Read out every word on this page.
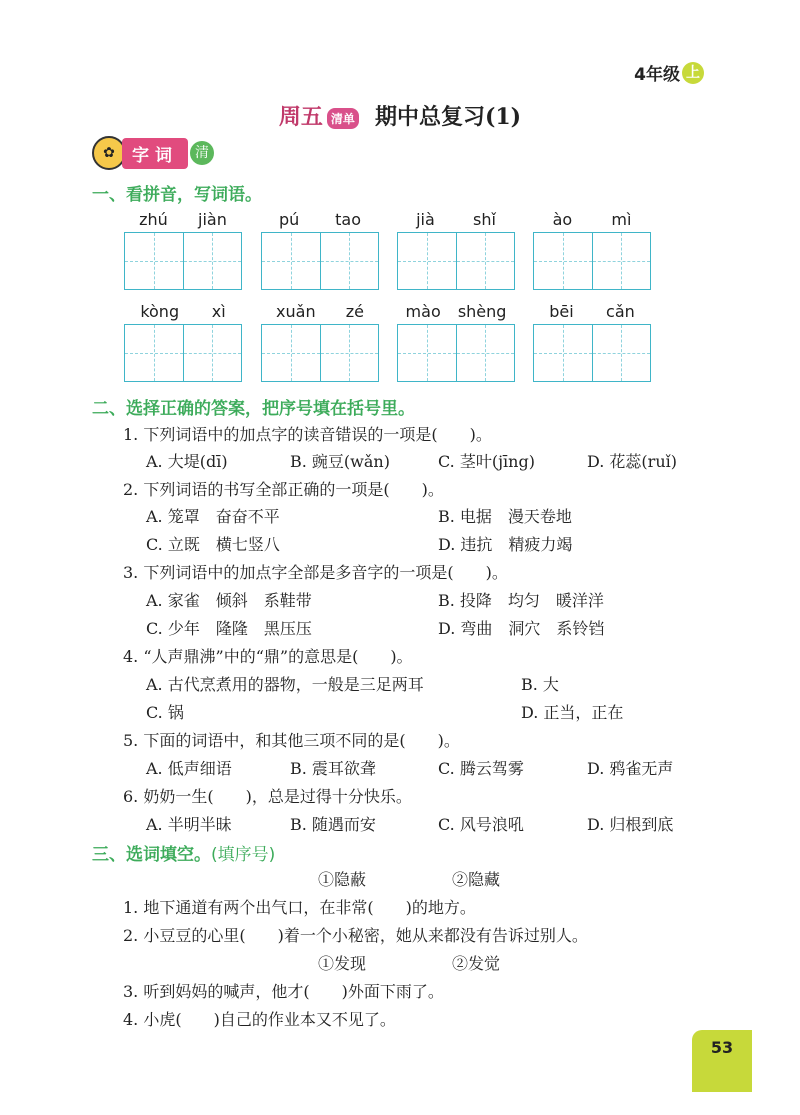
4年级 上
周五 清单 期中总复习(1)
✿	字词	清
一、看拼音，写词语。
zhú jiàn	pú tao	jià shǐ	ào mì
kòng xì	xuǎn zé	mào shèng	bēi cǎn
二、选择正确的答案，把序号填在括号里。
1. 下列词语中的加点字的读音错误的一项是(　　)。
A. 大堤(dī)	B. 豌豆(wǎn)	C. 茎叶(jīng)	D. 花蕊(ruǐ)
2. 下列词语的书写全部正确的一项是(　　)。
A. 笼罩　奋奋不平	B. 电据　漫天卷地
C. 立既　横七竖八	D. 违抗　精疲力竭
3. 下列词语中的加点字全部是多音字的一项是(　　)。
A. 家雀　倾斜　系鞋带	B. 投降　均匀　暖洋洋
C. 少年　隆隆　黑压压	D. 弯曲　洞穴　系铃铛
4. “人声鼎沸”中的“鼎”的意思是(　　)。
A. 古代烹煮用的器物，一般是三足两耳	B. 大
C. 锅	D. 正当，正在
5. 下面的词语中，和其他三项不同的是(　　)。
A. 低声细语	B. 震耳欲聋	C. 腾云驾雾	D. 鸦雀无声
6. 奶奶一生(　　)，总是过得十分快乐。
A. 半明半昧	B. 随遇而安	C. 风号浪吼	D. 归根到底
三、选词填空。(填序号)
①隐蔽	②隐藏
1. 地下通道有两个出气口，在非常(　　)的地方。
2. 小豆豆的心里(　　)着一个小秘密，她从来都没有告诉过别人。
①发现	②发觉
3. 听到妈妈的喊声，他才(　　)外面下雨了。
4. 小虎(　　)自己的作业本又不见了。
53
